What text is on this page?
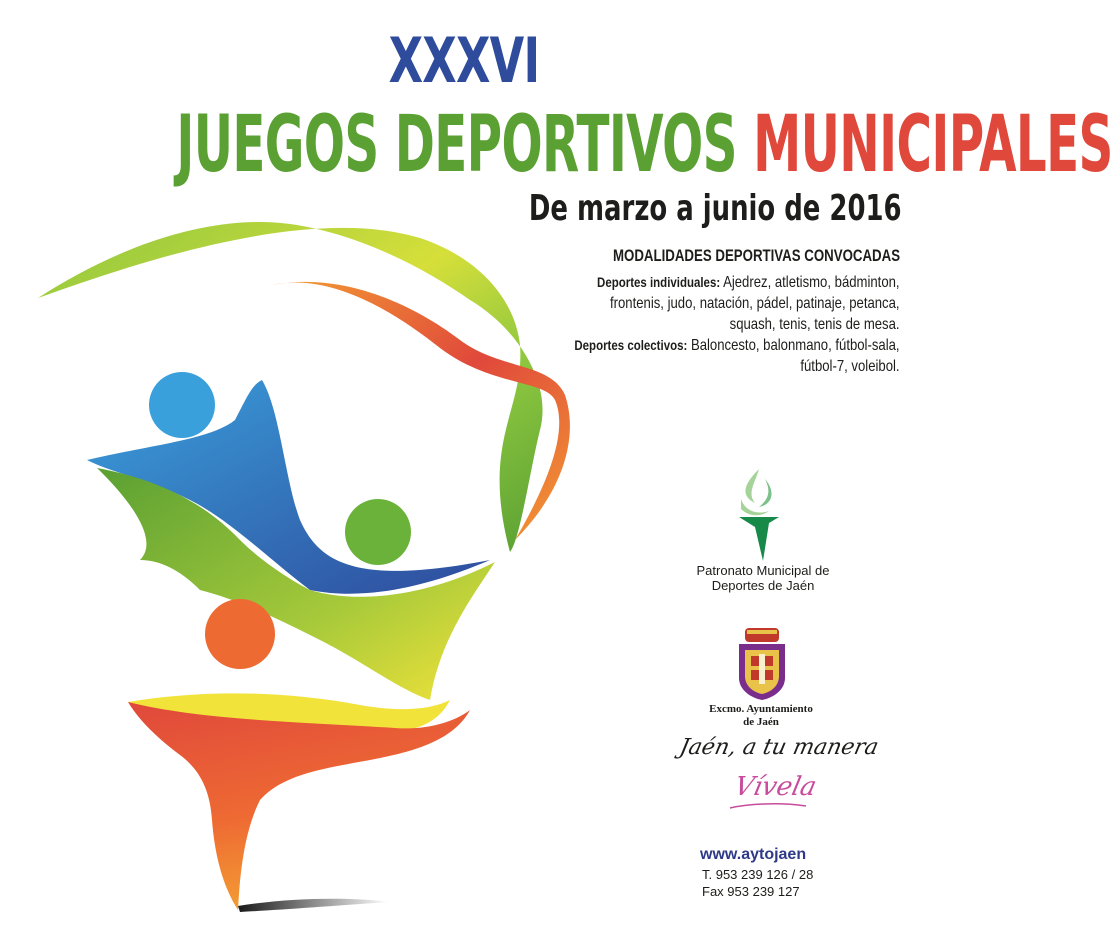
XXXVI
JUEGOS DEPORTIVOS MUNICIPALES
De marzo a junio de 2016
MODALIDADES DEPORTIVAS CONVOCADAS
Deportes individuales: Ajedrez, atletismo, bádminton,
frontenis, judo, natación, pádel, patinaje, petanca,
squash, tenis, tenis de mesa.
Deportes colectivos: Baloncesto, balonmano, fútbol-sala,
fútbol-7, voleibol.
Patronato Municipal de
Deportes de Jaén
Excmo. Ayuntamiento
de Jaén
Jaén, a tu manera
Vívela
www.aytojaen
T. 953 239 126 / 28
Fax 953 239 127
